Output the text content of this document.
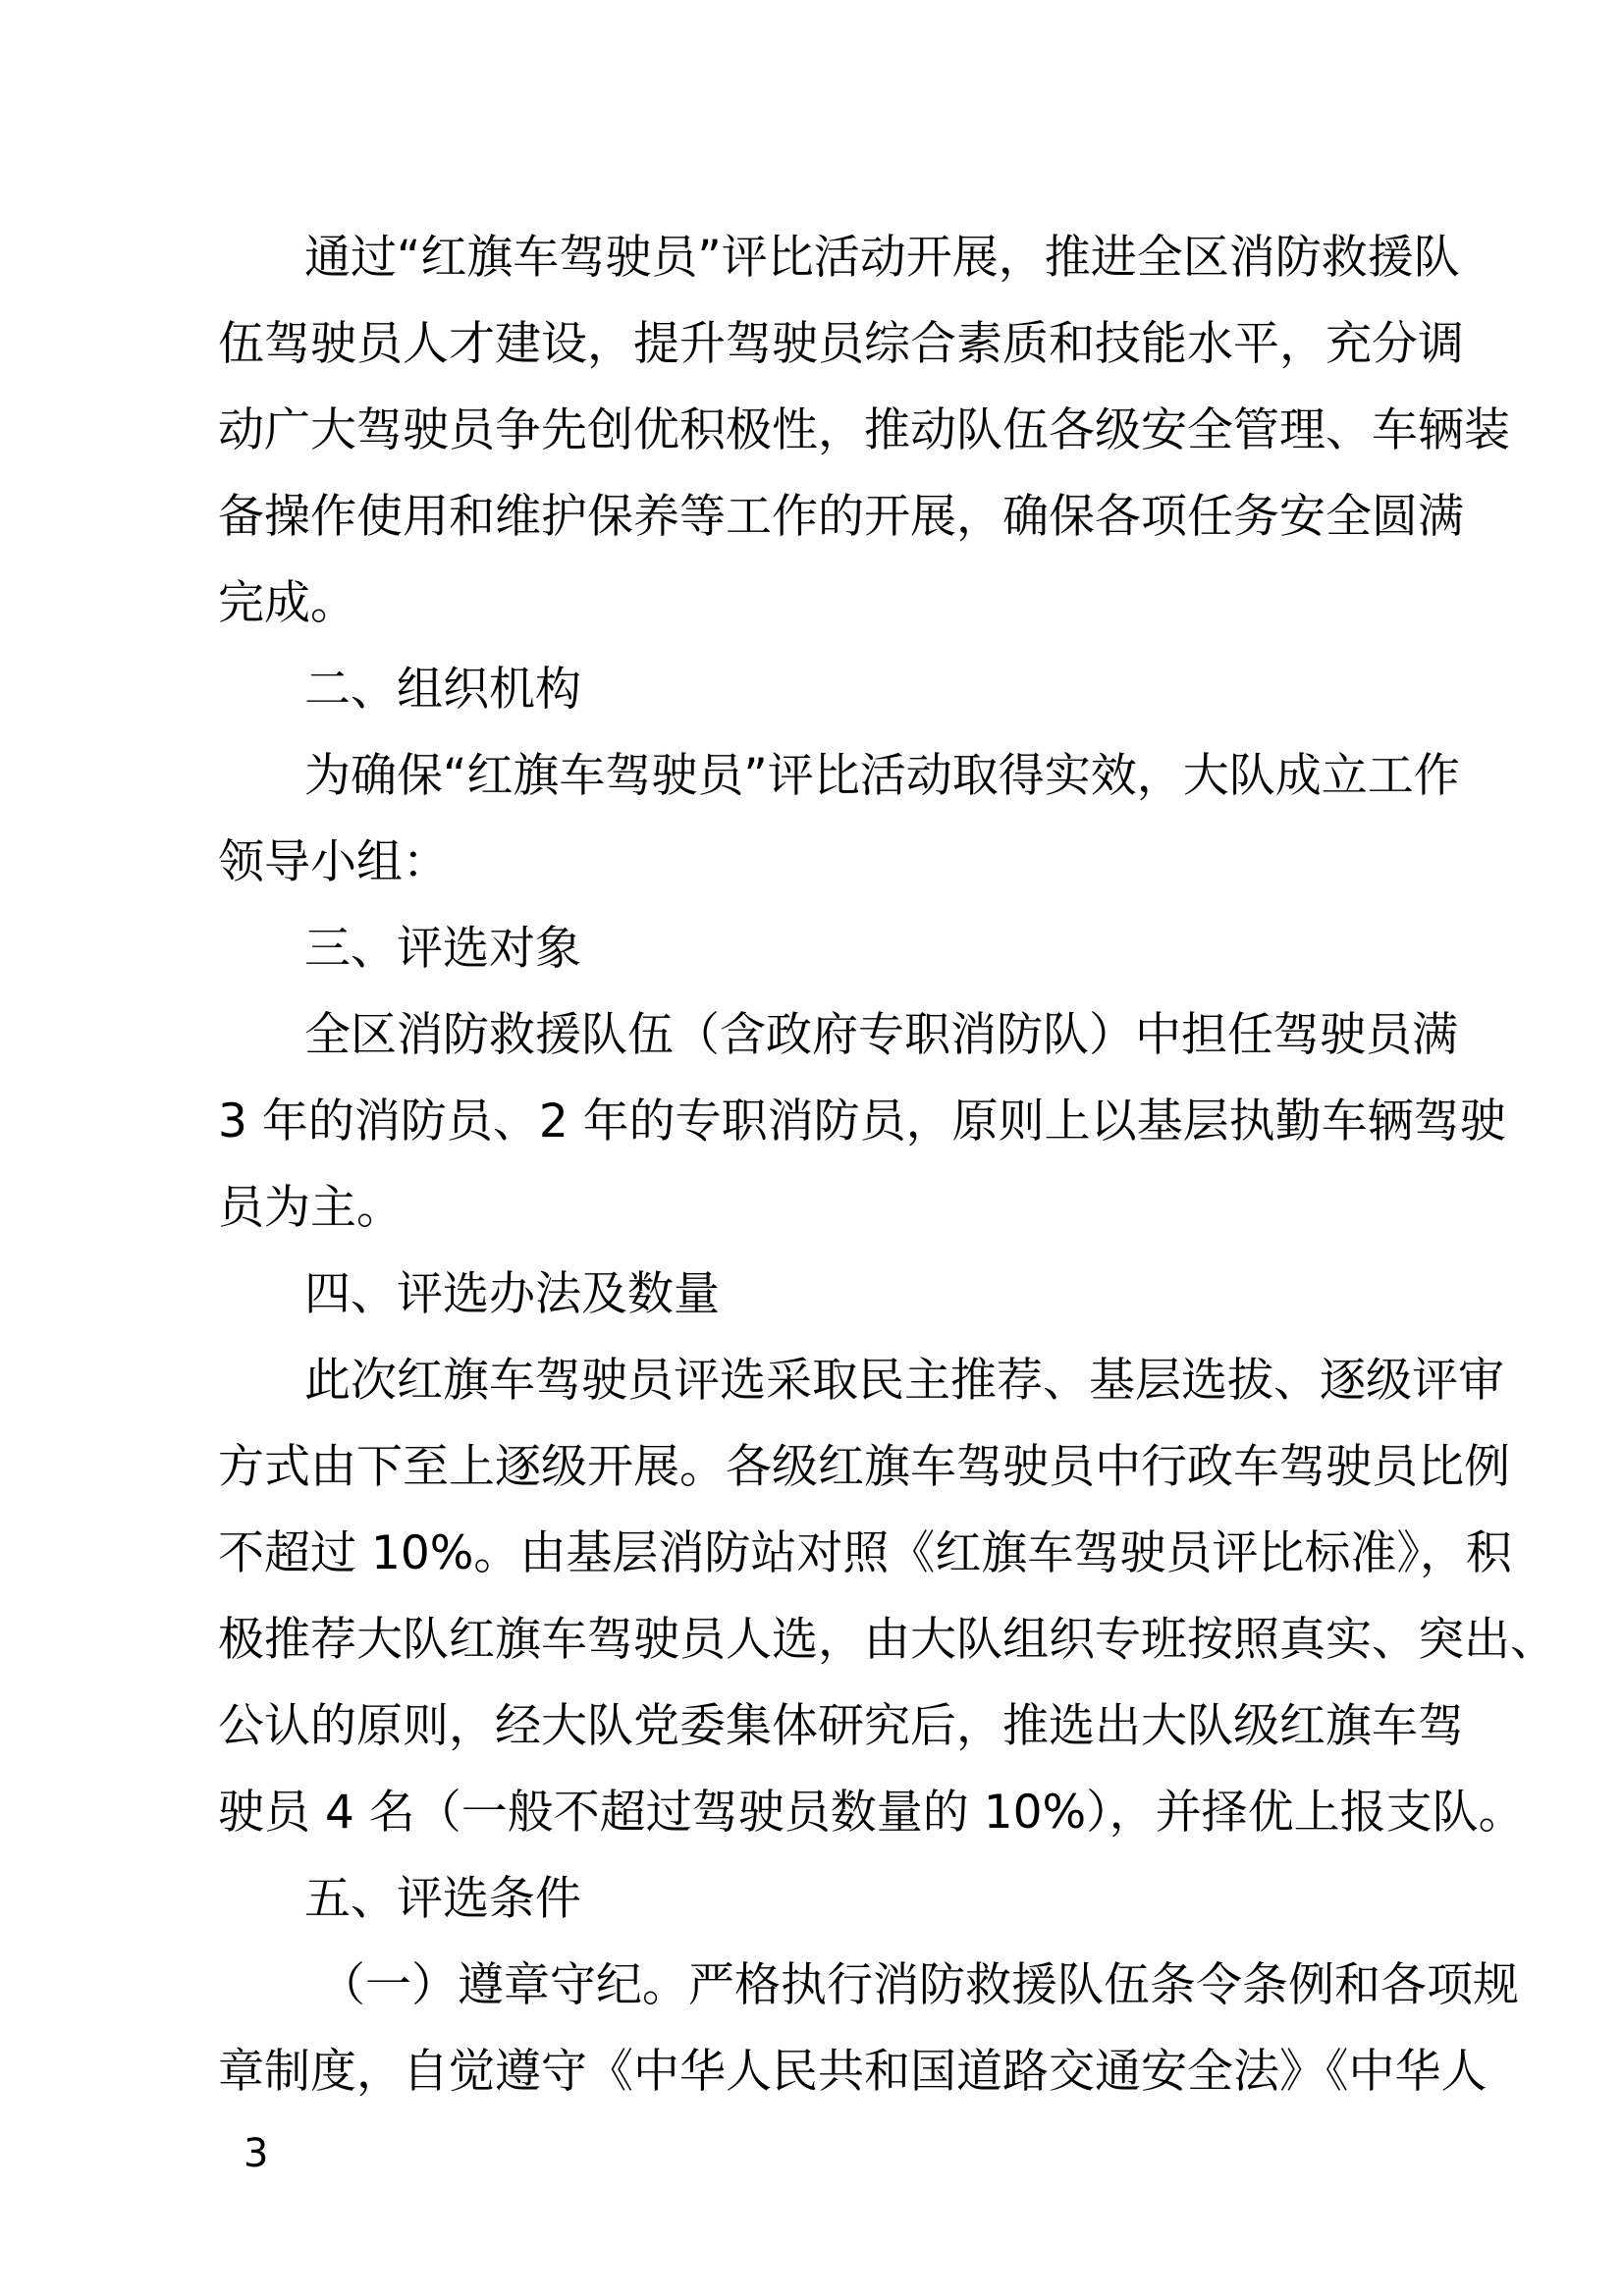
通过“红旗车驾驶员”评比活动开展，推进全区消防救援队
伍驾驶员人才建设，提升驾驶员综合素质和技能水平，充分调
动广大驾驶员争先创优积极性，推动队伍各级安全管理、车辆装
备操作使用和维护保养等工作的开展，确保各项任务安全圆满
完成。
二、组织机构
为确保“红旗车驾驶员”评比活动取得实效，大队成立工作
领导小组：
三、评选对象
全区消防救援队伍（含政府专职消防队）中担任驾驶员满
3 年的消防员、2 年的专职消防员，原则上以基层执勤车辆驾驶
员为主。
四、评选办法及数量
此次红旗车驾驶员评选采取民主推荐、基层选拔、逐级评审
方式由下至上逐级开展。各级红旗车驾驶员中行政车驾驶员比例
不超过 10%。由基层消防站对照《红旗车驾驶员评比标准》，积
极推荐大队红旗车驾驶员人选，由大队组织专班按照真实、突出、
公认的原则，经大队党委集体研究后，推选出大队级红旗车驾
驶员 4 名（一般不超过驾驶员数量的 10%），并择优上报支队。
五、评选条件
（一）遵章守纪。严格执行消防救援队伍条令条例和各项规
章制度，自觉遵守《中华人民共和国道路交通安全法》《中华人
3
